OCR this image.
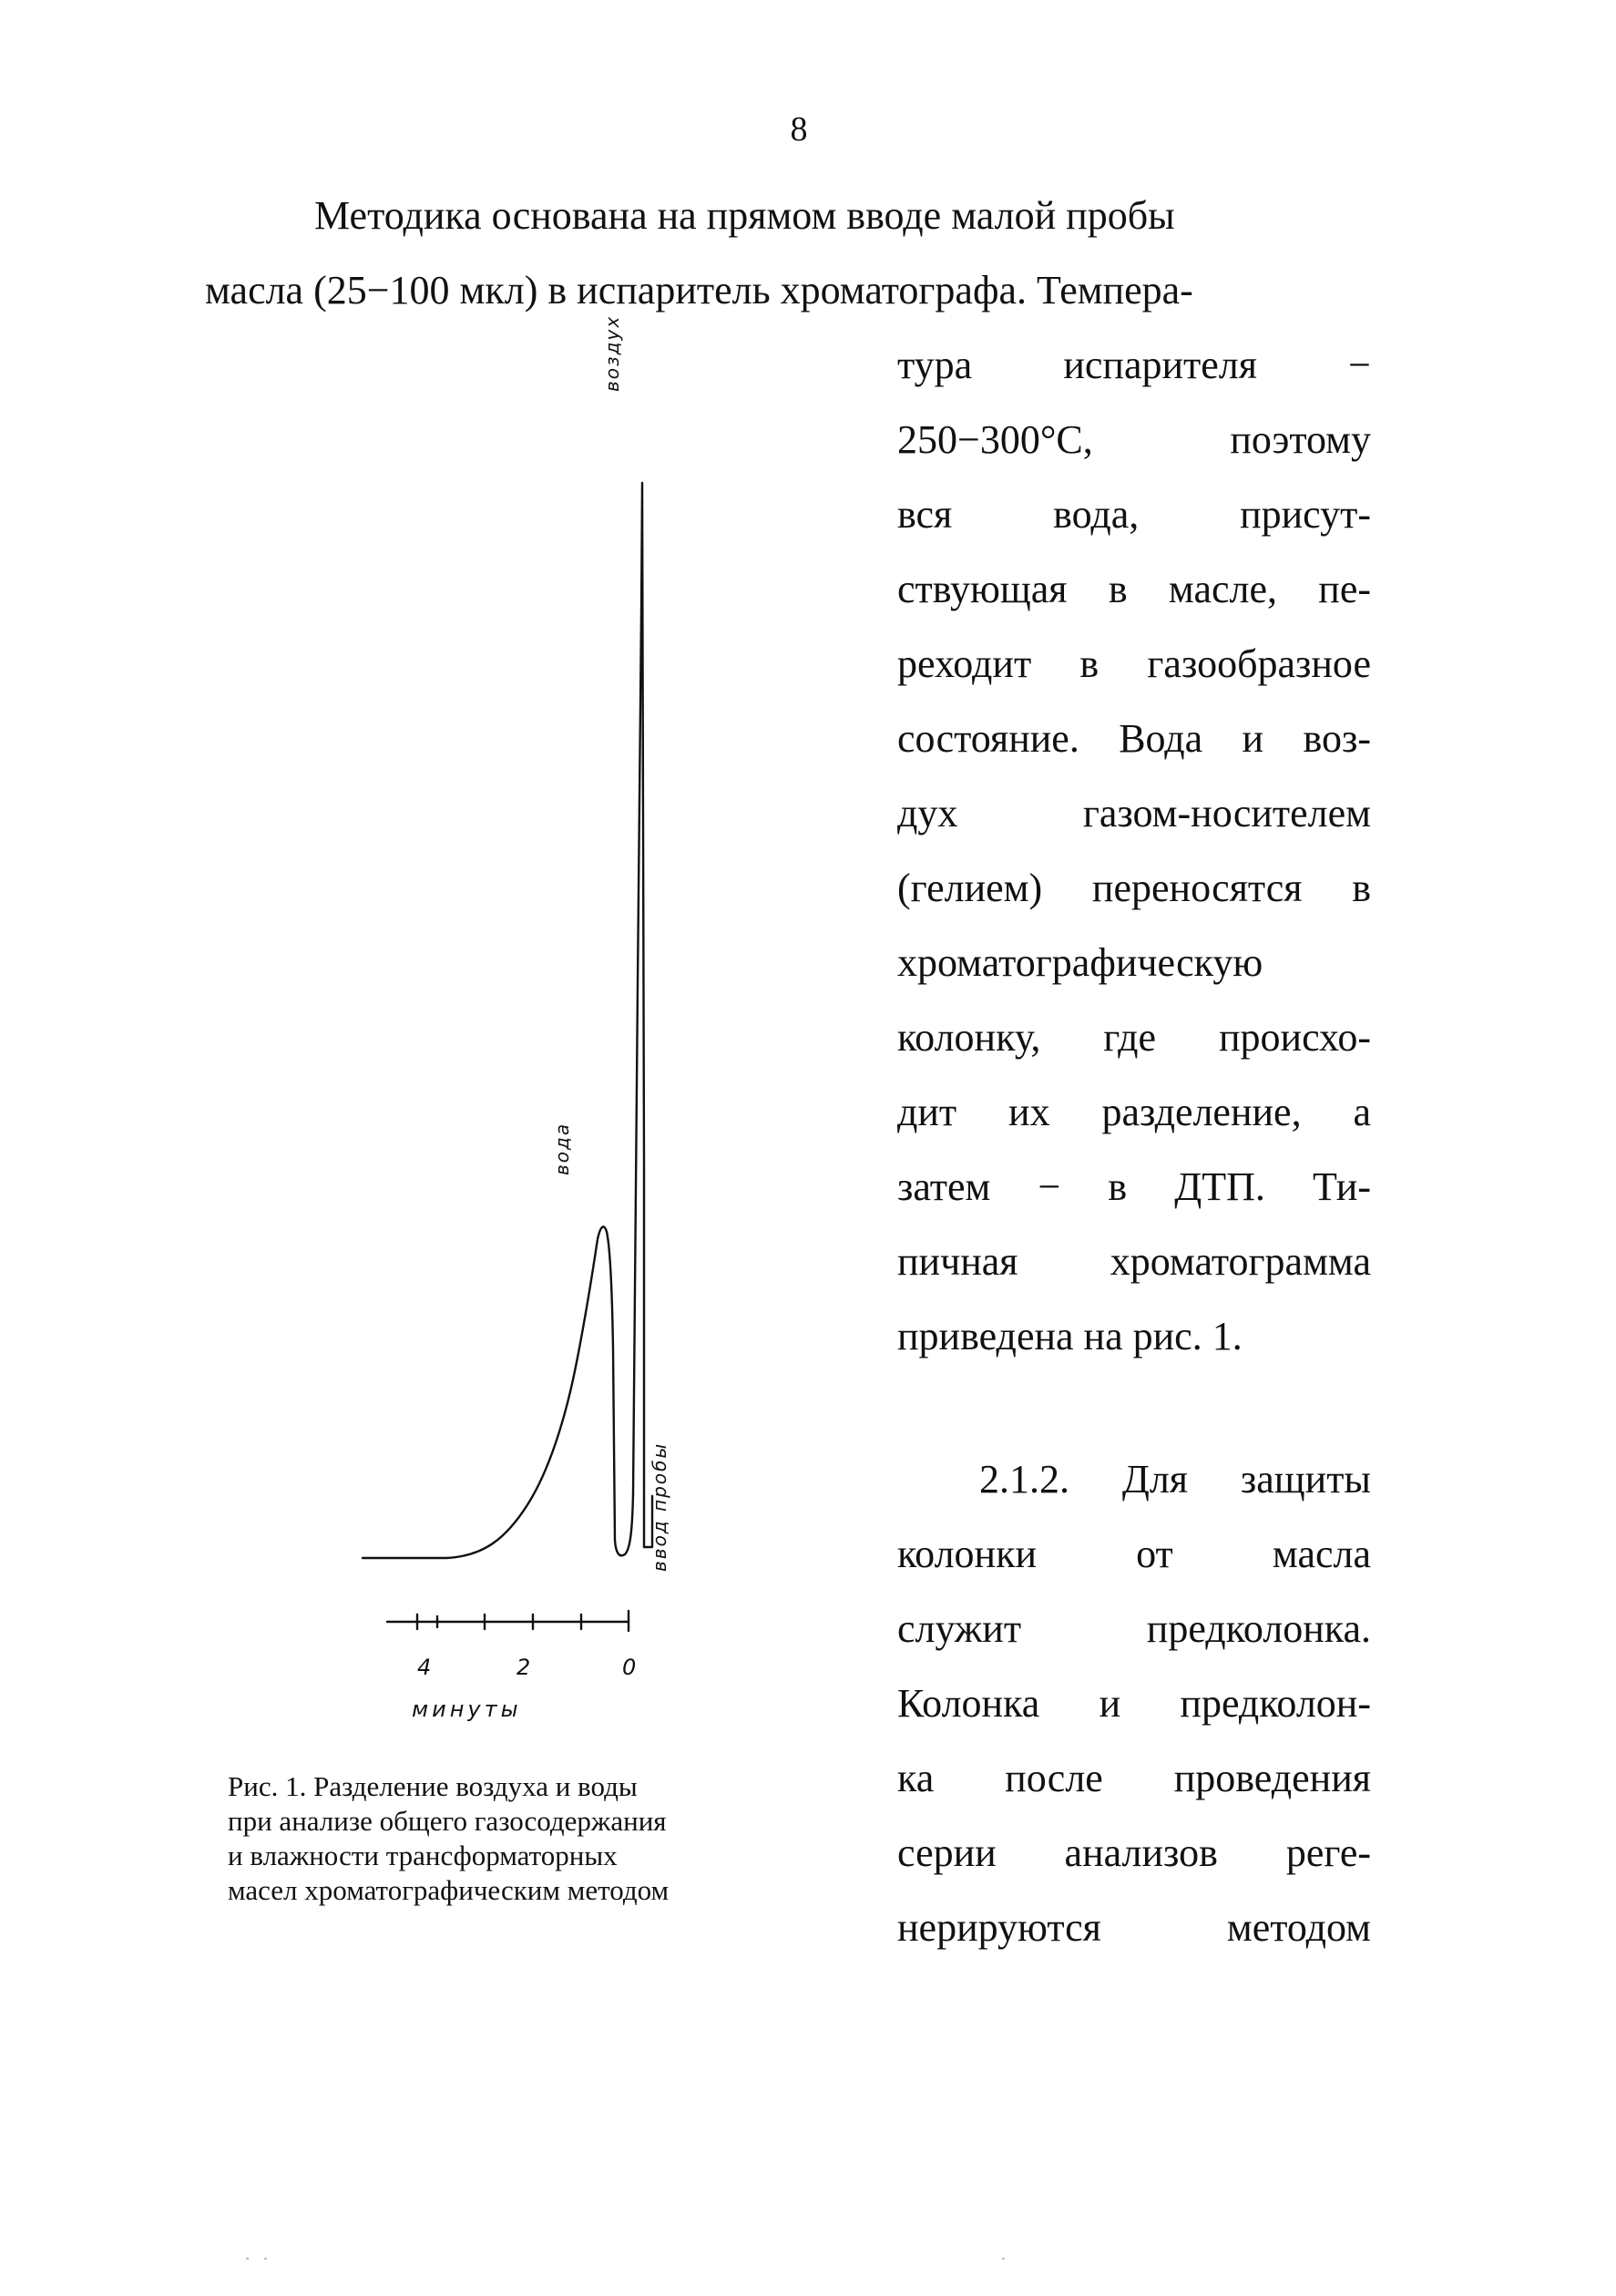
8
Методика основана на прямом вводе малой пробы
масла (25−100 мкл) в испаритель хроматографа. Темпера-
тура испарителя −
250−300°С, поэтому
вся вода, присут-
ствующая в масле, пе-
реходит в газообразное
состояние. Вода и воз-
дух газом-носителем
(гелием) переносятся в
хроматографическую
колонку, где происхо-
дит их разделение, а
затем − в ДТП. Ти-
пичная хроматограмма
приведена на рис. 1.
2.1.2. Для защиты
колонки от масла
служит предколонка.
Колонка и предколон-
ка после проведения
серии анализов реге-
нерируются методом
воздух
вода
ввод пробы
4	2	0
минуты
Рис. 1. Разделение воздуха и воды
при анализе общего газосодержания
и влажности трансформаторных
масел хроматографическим методом
